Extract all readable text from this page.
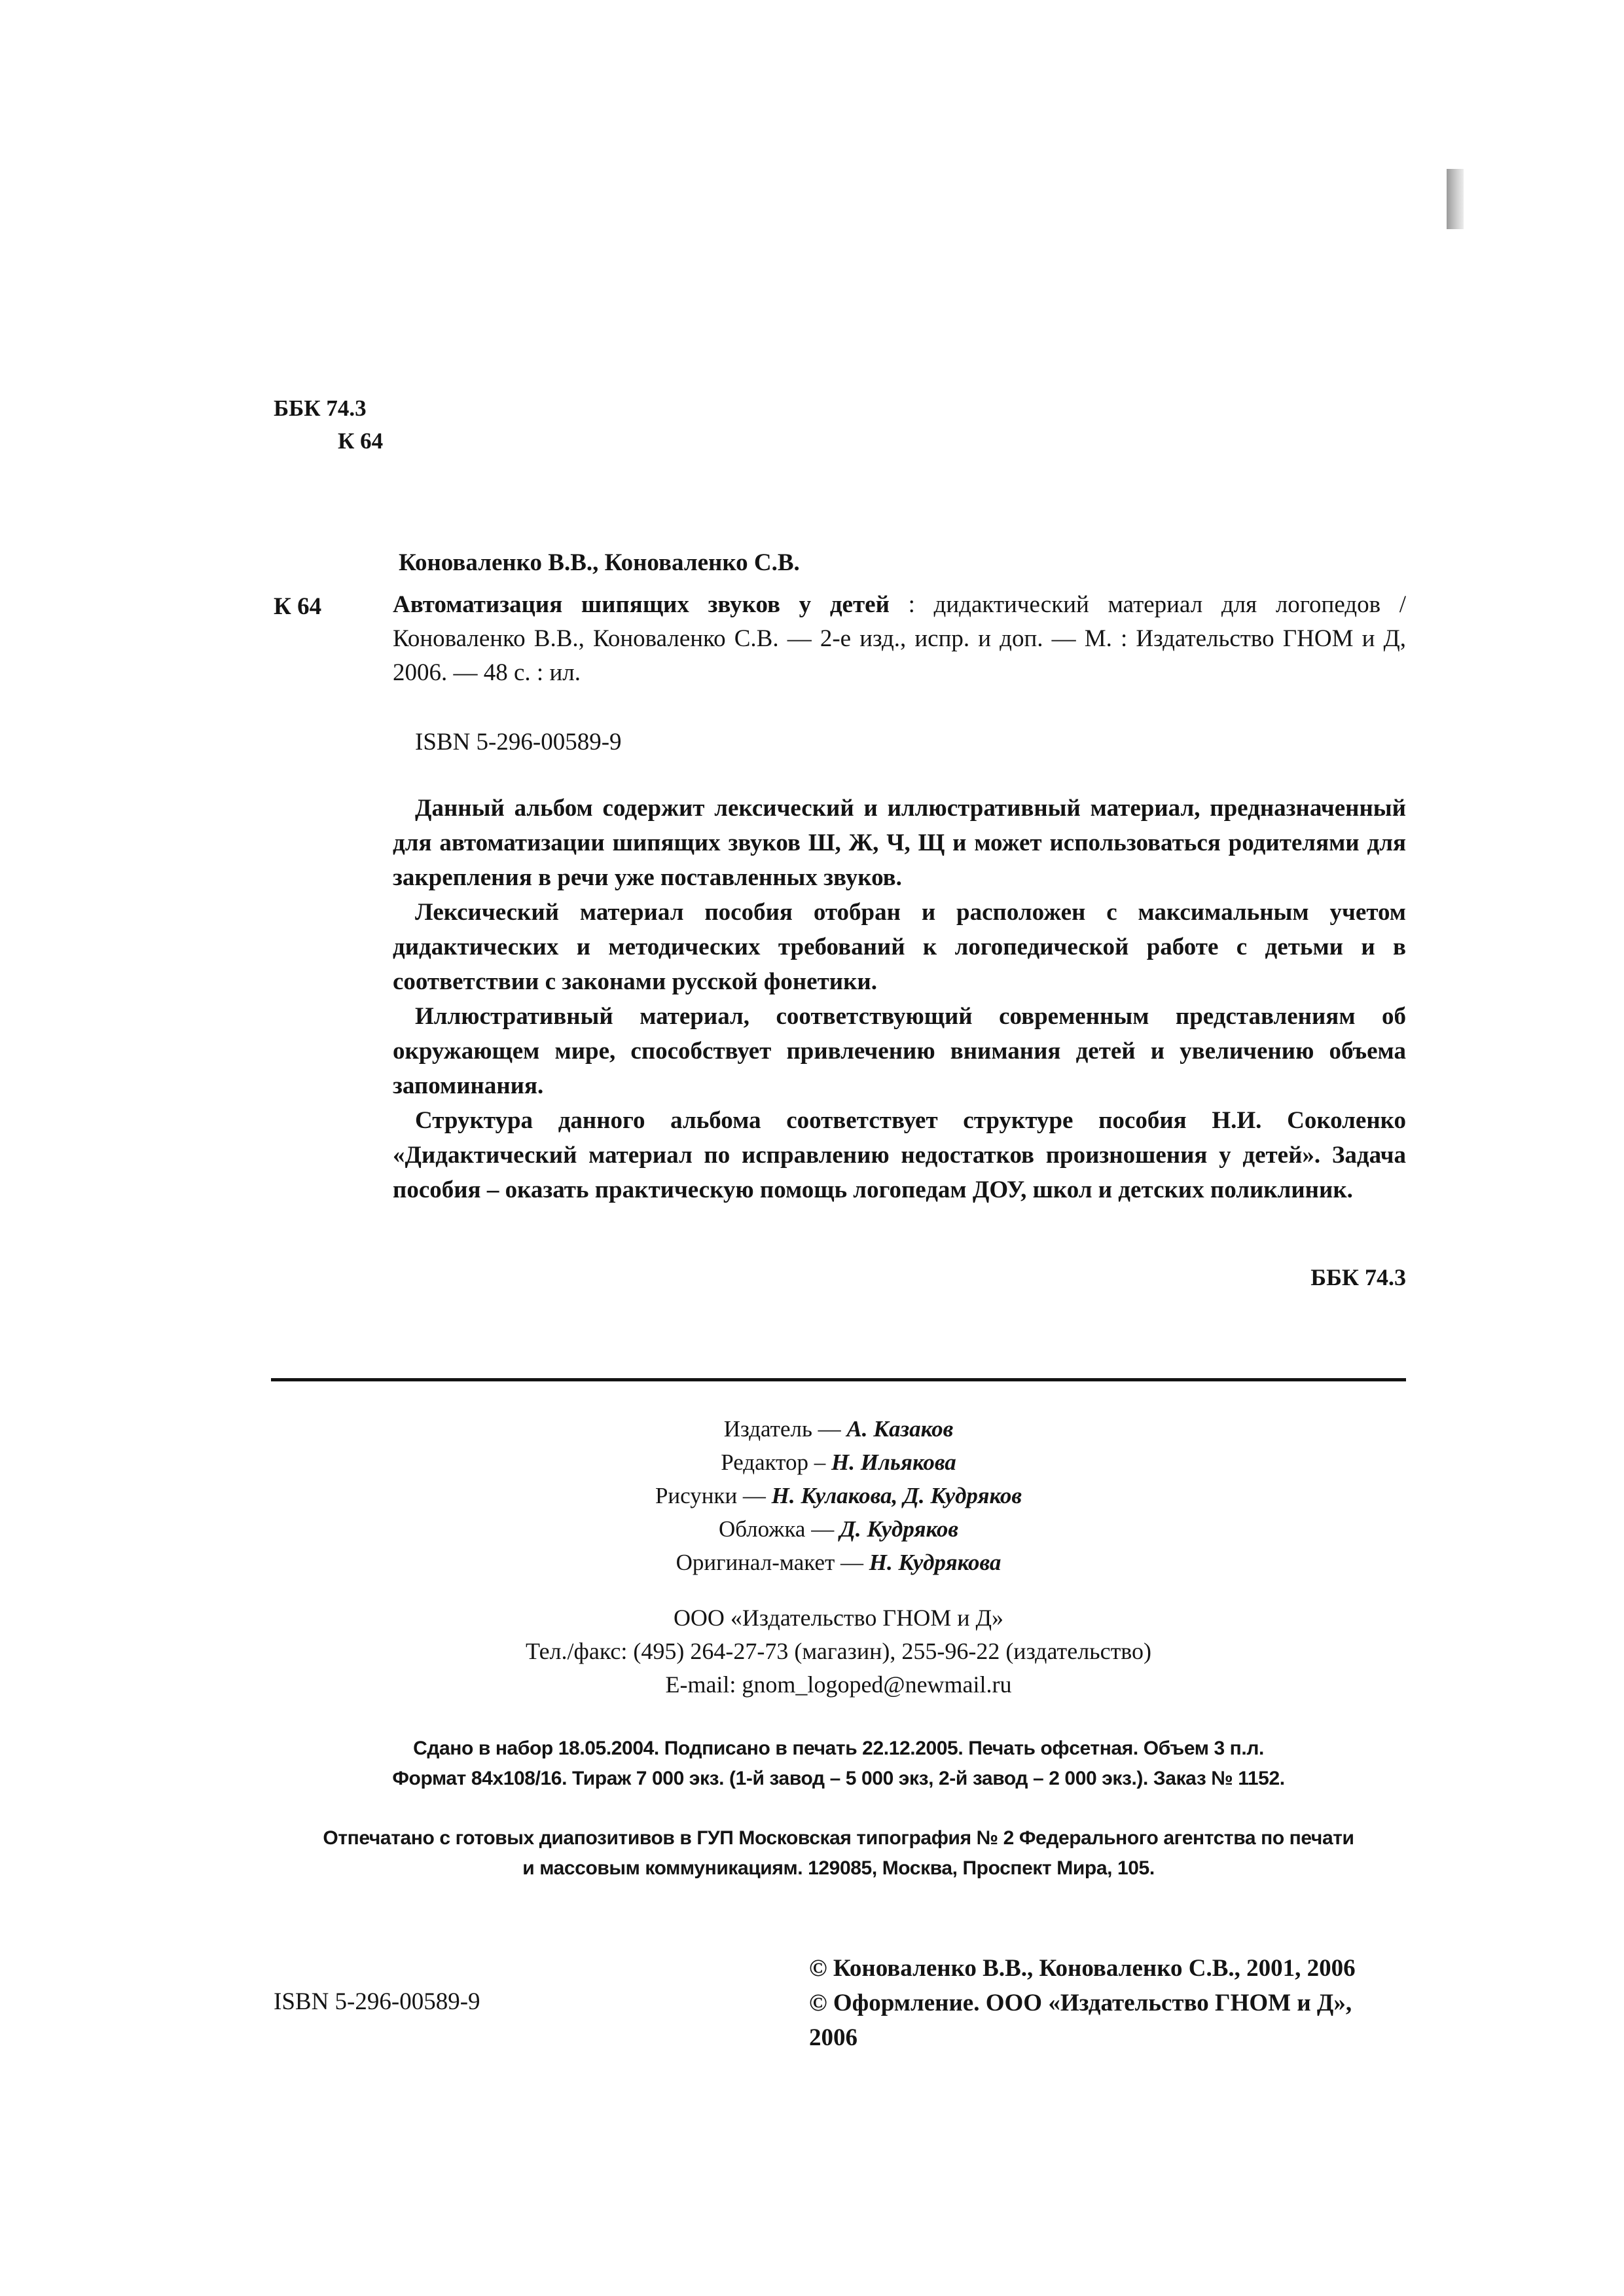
ББК 74.3
К 64
Коноваленко В.В., Коноваленко С.В.
К 64	Автоматизация шипящих звуков у детей : дидактический материал для логопедов / Коноваленко В.В., Коноваленко С.В. — 2-е изд., испр. и доп. — М. : Издательство ГНОМ и Д, 2006. — 48 с. : ил.
ISBN 5-296-00589-9

Данный альбом содержит лексический и иллюстративный материал, предназначенный для автоматизации шипящих звуков Ш, Ж, Ч, Щ и может использоваться родителями для закрепления в речи уже поставленных звуков.

Лексический материал пособия отобран и расположен с максимальным учетом дидактических и методических требований к логопедической работе с детьми и в соответствии с законами русской фонетики.

Иллюстративный материал, соответствующий современным представлениям об окружающем мире, способствует привлечению внимания детей и увеличению объема запоминания.

Структура данного альбома соответствует структуре пособия Н.И. Соколенко «Дидактический материал по исправлению недостатков произношения у детей». Задача пособия – оказать практическую помощь логопедам ДОУ, школ и детских поликлиник.

ББК 74.3
Издатель — А. Казаков
Редактор – Н. Ильякова
Рисунки — Н. Кулакова, Д. Кудряков
Обложка — Д. Кудряков
Оригинал-макет — Н. Кудрякова
ООО «Издательство ГНОМ и Д»
Тел./факс: (495) 264-27-73 (магазин), 255-96-22 (издательство)
E-mail: gnom_logoped@newmail.ru
Сдано в набор 18.05.2004. Подписано в печать 22.12.2005. Печать офсетная. Объем 3 п.л.
Формат 84х108/16. Тираж 7 000 экз. (1-й завод – 5 000 экз, 2-й завод – 2 000 экз.). Заказ № 1152.
Отпечатано с готовых диапозитивов в ГУП Московская типография № 2 Федерального агентства по печати
и массовым коммуникациям. 129085, Москва, Проспект Мира, 105.
© Коноваленко В.В., Коноваленко С.В., 2001, 2006
© Оформление. ООО «Издательство ГНОМ и Д», 2006
ISBN 5-296-00589-9
